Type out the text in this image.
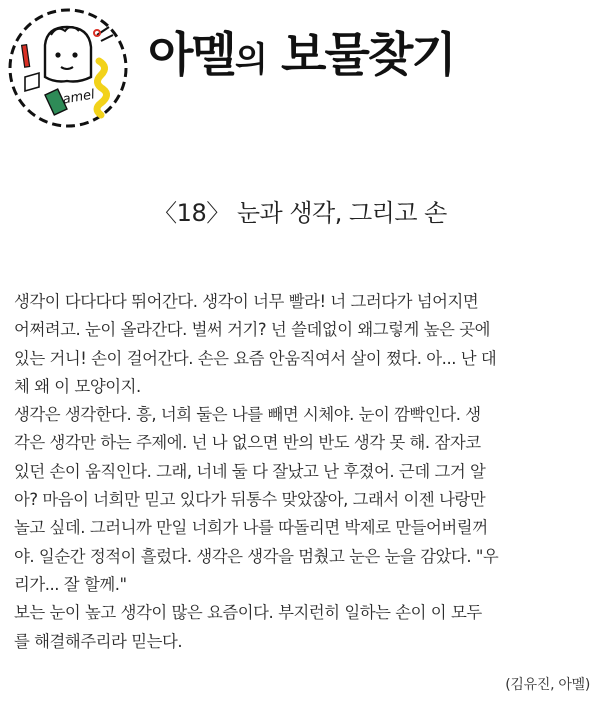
amel
아멜의 보물찾기
〈18〉 눈과 생각, 그리고 손
생각이 다다다다 뛰어간다. 생각이 너무 빨라! 너 그러다가 넘어지면
어쩌려고. 눈이 올라간다. 벌써 거기? 넌 쓸데없이 왜그렇게 높은 곳에
있는 거니! 손이 걸어간다. 손은 요즘 안움직여서 살이 쪘다. 아... 난 대
체 왜 이 모양이지.
생각은 생각한다. 흥, 너희 둘은 나를 빼면 시체야. 눈이 깜빡인다. 생
각은 생각만 하는 주제에. 넌 나 없으면 반의 반도 생각 못 해. 잠자코
있던 손이 움직인다. 그래, 너네 둘 다 잘났고 난 후졌어. 근데 그거 알
아? 마음이 너희만 믿고 있다가 뒤통수 맞았잖아, 그래서 이젠 나랑만
놀고 싶데. 그러니까 만일 너희가 나를 따돌리면 박제로 만들어버릴꺼
야. 일순간 정적이 흘렀다. 생각은 생각을 멈췄고 눈은 눈을 감았다. "우
리가... 잘 할께."
보는 눈이 높고 생각이 많은 요즘이다. 부지런히 일하는 손이 이 모두
를 해결해주리라 믿는다.
(김유진, 아멜)
